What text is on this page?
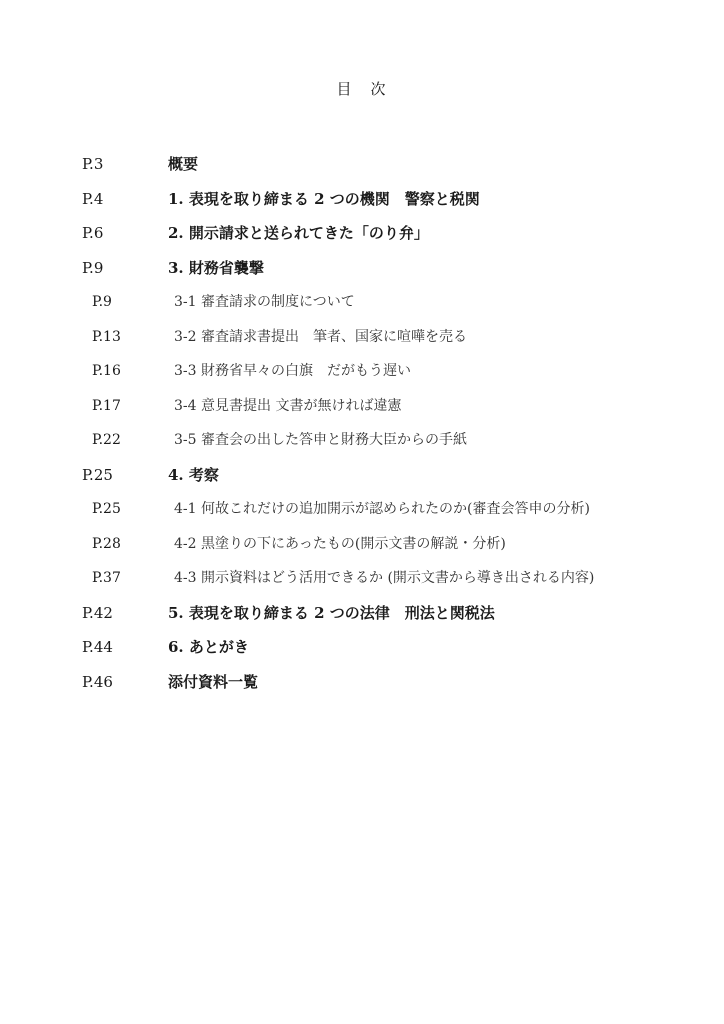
目　次
P.3	概要
P.4	1. 表現を取り締まる 2 つの機関　警察と税関
P.6	2. 開示請求と送られてきた「のり弁」
P.9	3. 財務省襲撃
P.9	3-1 審査請求の制度について
P.13	3-2 審査請求書提出　筆者、国家に喧嘩を売る
P.16	3-3 財務省早々の白旗　だがもう遅い
P.17	3-4 意見書提出 文書が無ければ違憲
P.22	3-5 審査会の出した答申と財務大臣からの手紙
P.25	4. 考察
P.25	4-1 何故これだけの追加開示が認められたのか(審査会答申の分析)
P.28	4-2 黒塗りの下にあったもの(開示文書の解説・分析)
P.37	4-3 開示資料はどう活用できるか (開示文書から導き出される内容)
P.42	5. 表現を取り締まる 2 つの法律　刑法と関税法
P.44	6. あとがき
P.46	添付資料一覧
